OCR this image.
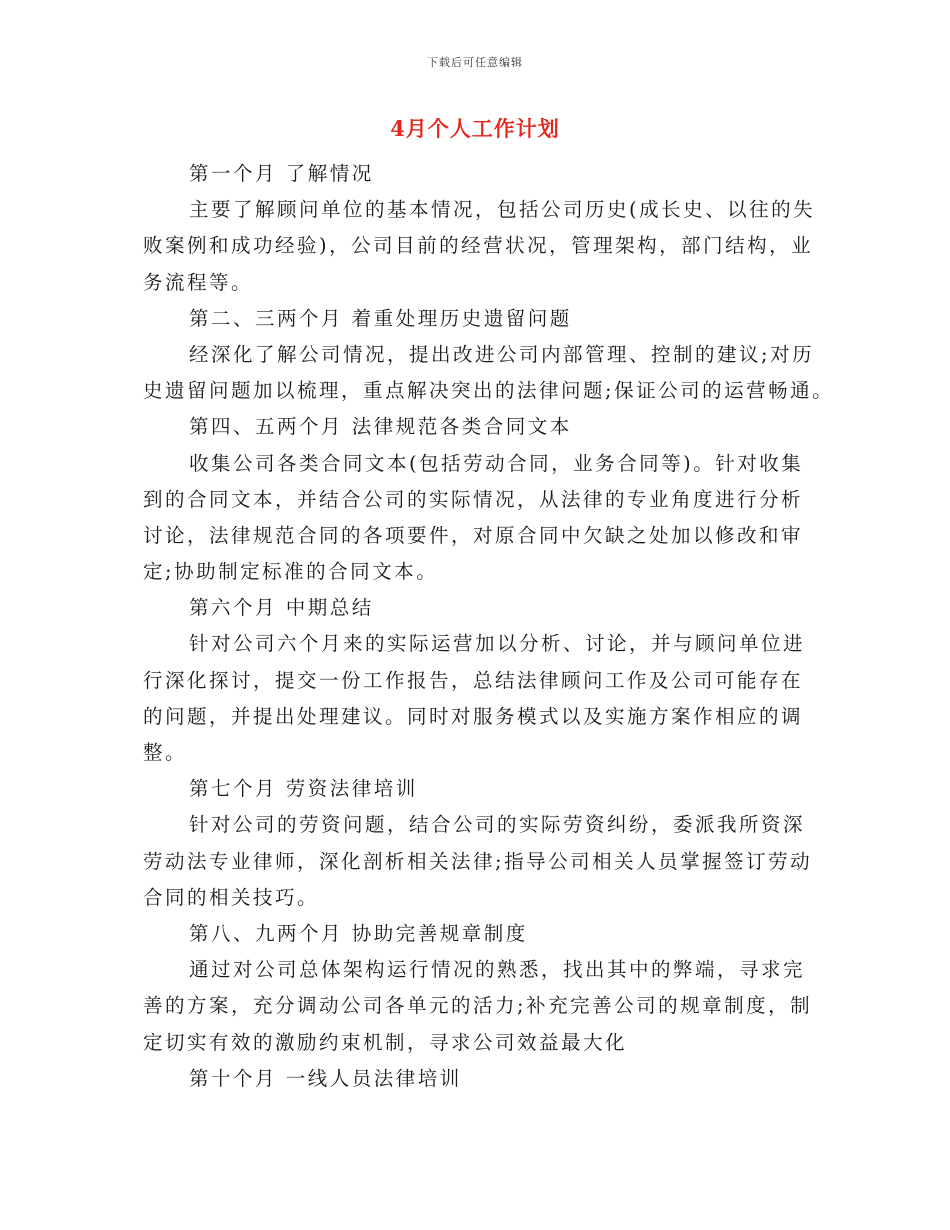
下载后可任意编辑
4月个人工作计划
第一个月 了解情况
主要了解顾问单位的基本情况，包括公司历史(成长史、以往的失
败案例和成功经验)，公司目前的经营状况，管理架构，部门结构，业
务流程等。
第二、三两个月 着重处理历史遗留问题
经深化了解公司情况，提出改进公司内部管理、控制的建议;对历
史遗留问题加以梳理，重点解决突出的法律问题;保证公司的运营畅通。
第四、五两个月 法律规范各类合同文本
收集公司各类合同文本(包括劳动合同，业务合同等)。针对收集
到的合同文本，并结合公司的实际情况，从法律的专业角度进行分析
讨论，法律规范合同的各项要件，对原合同中欠缺之处加以修改和审
定;协助制定标准的合同文本。
第六个月 中期总结
针对公司六个月来的实际运营加以分析、讨论，并与顾问单位进
行深化探讨，提交一份工作报告，总结法律顾问工作及公司可能存在
的问题，并提出处理建议。同时对服务模式以及实施方案作相应的调
整。
第七个月 劳资法律培训
针对公司的劳资问题，结合公司的实际劳资纠纷，委派我所资深
劳动法专业律师，深化剖析相关法律;指导公司相关人员掌握签订劳动
合同的相关技巧。
第八、九两个月 协助完善规章制度
通过对公司总体架构运行情况的熟悉，找出其中的弊端，寻求完
善的方案，充分调动公司各单元的活力;补充完善公司的规章制度，制
定切实有效的激励约束机制，寻求公司效益最大化
第十个月 一线人员法律培训
